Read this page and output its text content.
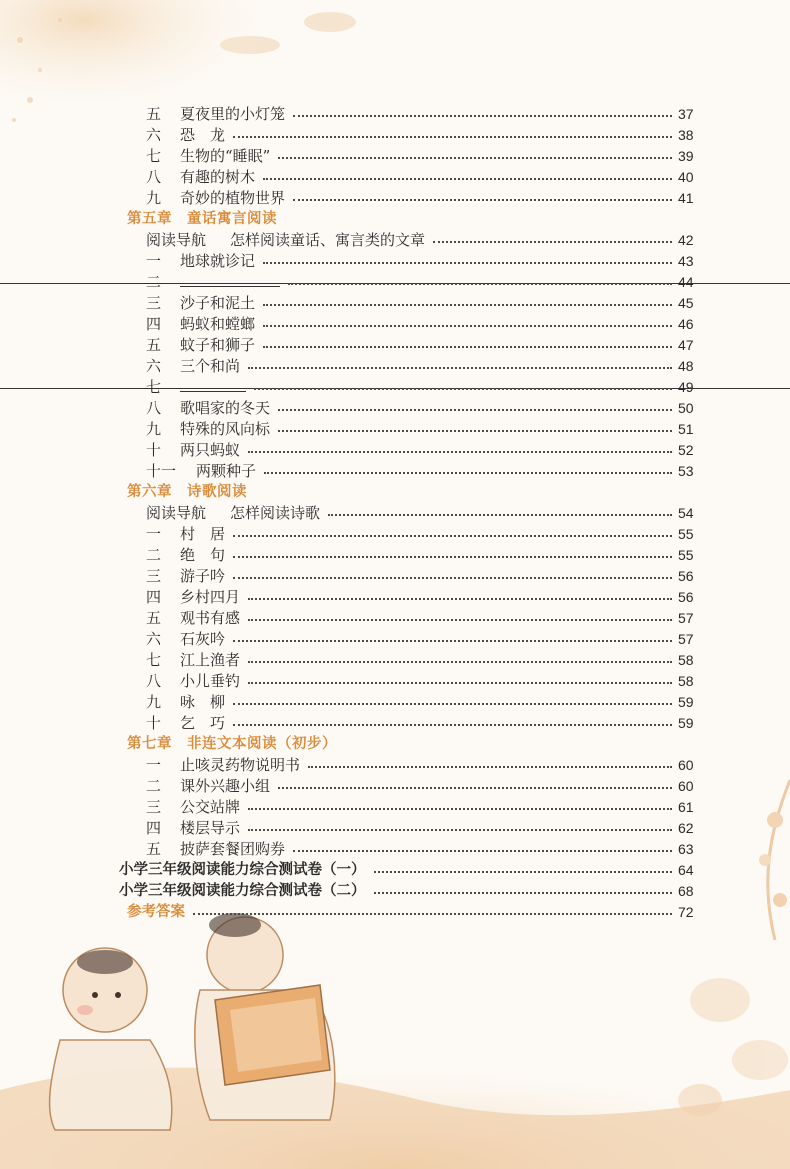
五 夏夜里的小灯笼	37
六 恐　龙	38
七 生物的“睡眠”	39
八 有趣的树木	40
九 奇妙的植物世界	41
第五章　童话寓言阅读
阅读导航 怎样阅读童话、寓言类的文章	42
一 地球就诊记	43
二	44
三 沙子和泥土	45
四 蚂蚁和螳螂	46
五 蚊子和狮子	47
六 三个和尚	48
七	49
八 歌唱家的冬天	50
九 特殊的风向标	51
十 两只蚂蚁	52
十一 两颗种子	53
第六章　诗歌阅读
阅读导航 怎样阅读诗歌	54
一 村　居	55
二 绝　句	55
三 游子吟	56
四 乡村四月	56
五 观书有感	57
六 石灰吟	57
七 江上渔者	58
八 小儿垂钓	58
九 咏　柳	59
十 乞　巧	59
第七章　非连文本阅读（初步）
一 止咳灵药物说明书	60
二 课外兴趣小组	60
三 公交站牌	61
四 楼层导示	62
五 披萨套餐团购券	63
小学三年级阅读能力综合测试卷（一）	64
小学三年级阅读能力综合测试卷（二）	68
参考答案	72
